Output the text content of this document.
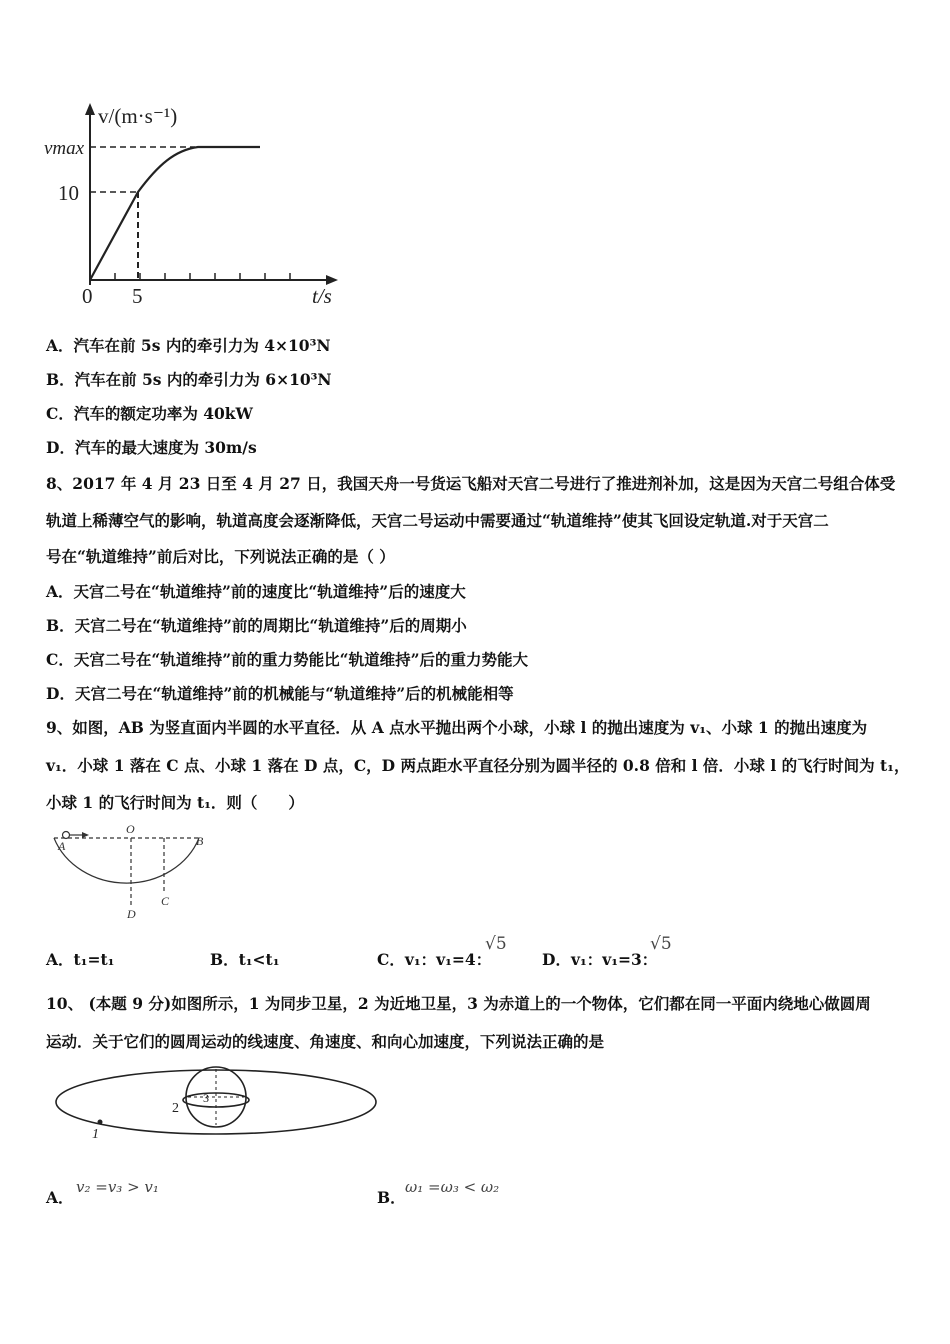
v/(m·s⁻¹)
vmax
10
0 5	t/s
A．汽车在前 5s 内的牵引力为 4×10³N
B．汽车在前 5s 内的牵引力为 6×10³N
C．汽车的额定功率为 40kW
D．汽车的最大速度为 30m/s
8、2017 年 4 月 23 日至 4 月 27 日，我国天舟一号货运飞船对天宫二号进行了推进剂补加，这是因为天宫二号组合体受
轨道上稀薄空气的影响，轨道高度会逐渐降低，天宫二号运动中需要通过“轨道维持”使其飞回设定轨道.对于天宫二
号在“轨道维持”前后对比，下列说法正确的是（ ）
A．天宫二号在“轨道维持”前的速度比“轨道维持”后的速度大
B．天宫二号在“轨道维持”前的周期比“轨道维持”后的周期小
C．天宫二号在“轨道维持”前的重力势能比“轨道维持”后的重力势能大
D．天宫二号在“轨道维持”前的机械能与“轨道维持”后的机械能相等
9、如图，AB 为竖直面内半圆的水平直径．从 A 点水平抛出两个小球，小球 l 的抛出速度为 v₁、小球 1 的抛出速度为
v₁．小球 1 落在 C 点、小球 1 落在 D 点，C，D 两点距水平直径分别为圆半径的 0.8 倍和 l 倍．小球 l 的飞行时间为 t₁，
小球 1 的飞行时间为 t₁．则（　　）
A
O
B
C
D
A．t₁=t₁	B．t₁<t₁	C．v₁：v₁=4：
√5
D．v₁：v₁=3：
√5
10、 (本题 9 分)如图所示，1 为同步卫星，2 为近地卫星，3 为赤道上的一个物体，它们都在同一平面内绕地心做圆周
运动．关于它们的圆周运动的线速度、角速度、和向心加速度，下列说法正确的是
1
2
3
A．
v₂ =v₃ > v₁
B．
ω₁ =ω₃ < ω₂
